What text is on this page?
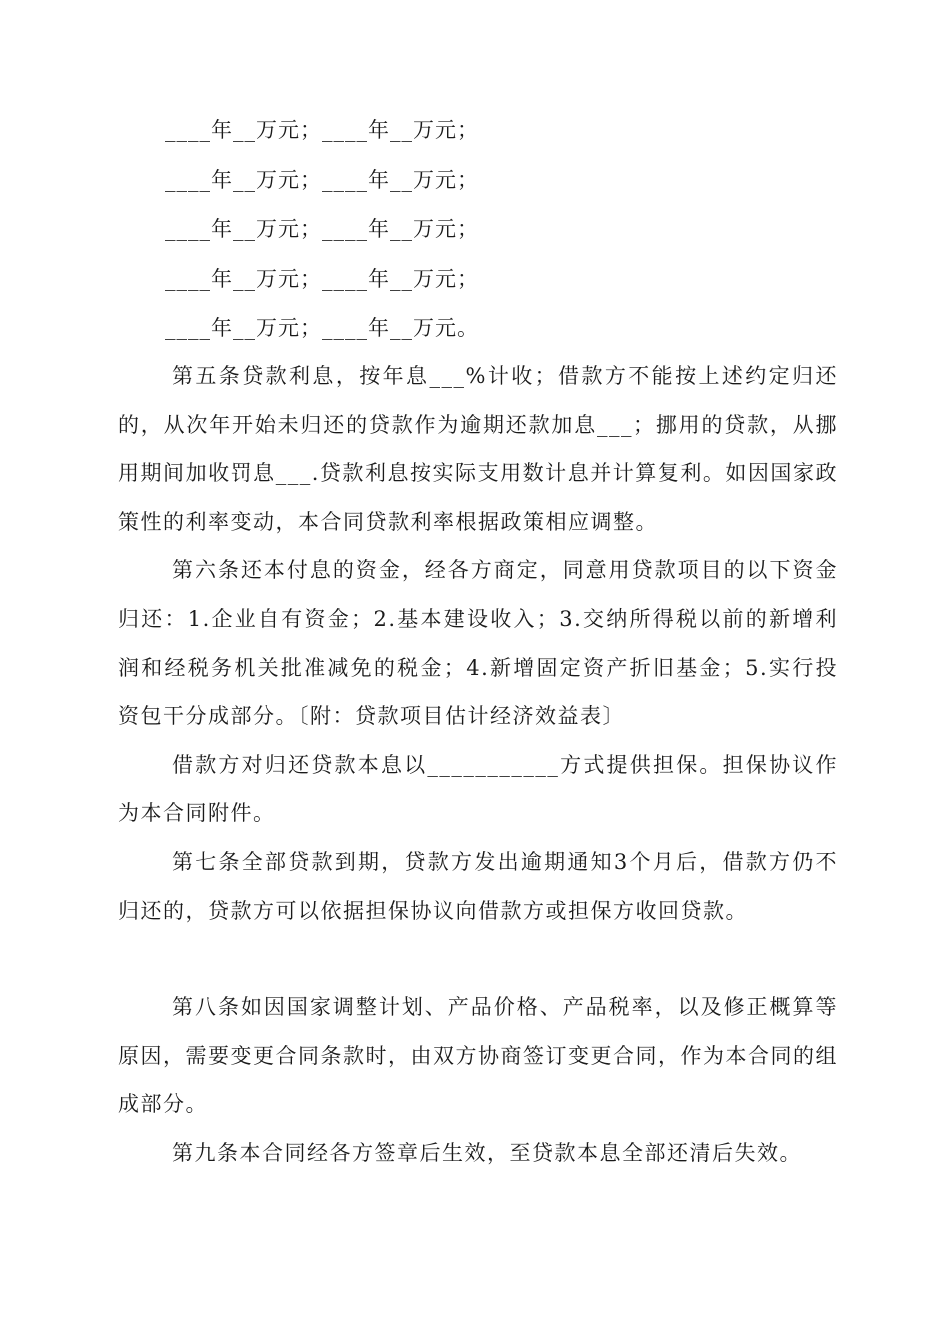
____年__万元；____年__万元；
____年__万元；____年__万元；
____年__万元；____年__万元；
____年__万元；____年__万元；
____年__万元；____年__万元。

第五条贷款利息，按年息___%计收；借款方不能按上述约定归还的，从次年开始未归还的贷款作为逾期还款加息___；挪用的贷款，从挪用期间加收罚息___.贷款利息按实际支用数计息并计算复利。如因国家政策性的利率变动，本合同贷款利率根据政策相应调整。

第六条还本付息的资金，经各方商定，同意用贷款项目的以下资金归还：1.企业自有资金；2.基本建设收入；3.交纳所得税以前的新增利润和经税务机关批准减免的税金；4.新增固定资产折旧基金；5.实行投资包干分成部分。〔附：贷款项目估计经济效益表〕

借款方对归还贷款本息以___________方式提供担保。担保协议作为本合同附件。

第七条全部贷款到期，贷款方发出逾期通知3个月后，借款方仍不归还的，贷款方可以依据担保协议向借款方或担保方收回贷款。

第八条如因国家调整计划、产品价格、产品税率，以及修正概算等原因，需要变更合同条款时，由双方协商签订变更合同，作为本合同的组成部分。

第九条本合同经各方签章后生效，至贷款本息全部还清后失效。
